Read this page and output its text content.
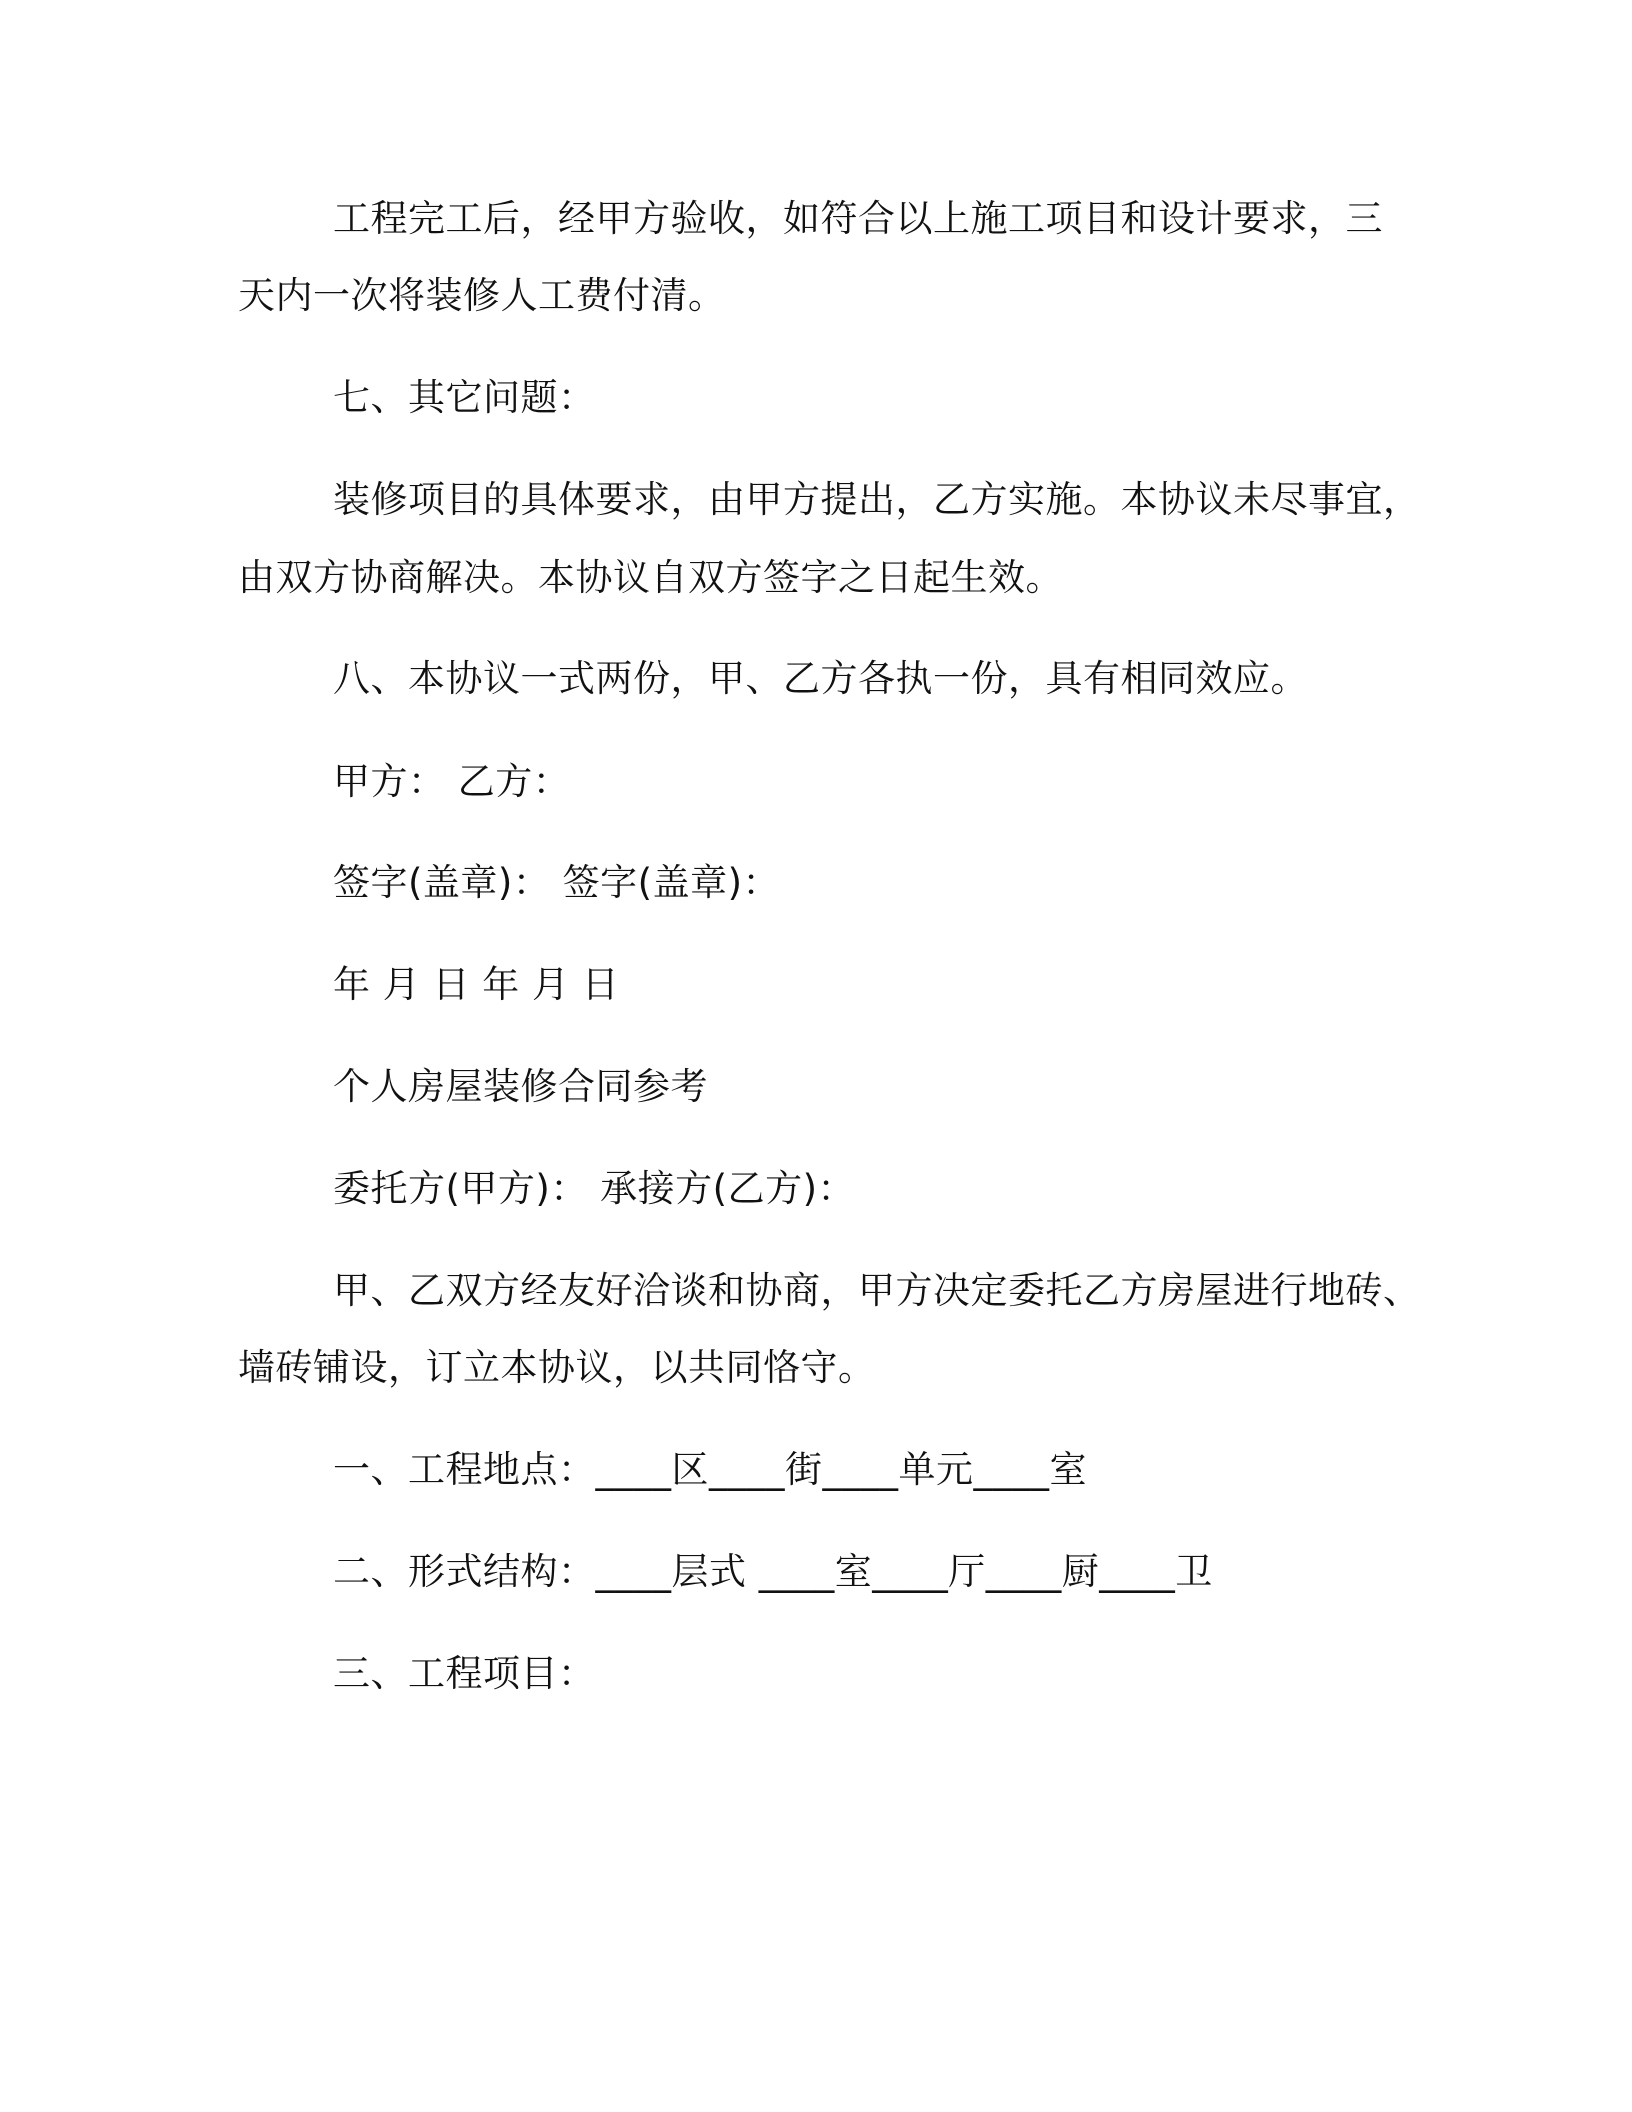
工程完工后，经甲方验收，如符合以上施工项目和设计要求，三
天内一次将装修人工费付清。
七、其它问题：
装修项目的具体要求，由甲方提出，乙方实施。本协议未尽事宜，
由双方协商解决。本协议自双方签字之日起生效。
八、本协议一式两份，甲、乙方各执一份，具有相同效应。
甲方： 乙方：
签字(盖章)： 签字(盖章)：
年 月 日 年 月 日
个人房屋装修合同参考
委托方(甲方)： 承接方(乙方)：
甲、乙双方经友好洽谈和协商，甲方决定委托乙方房屋进行地砖、
墙砖铺设，订立本协议，以共同恪守。
一、工程地点：____区____街____单元____室
二、形式结构：____层式 ____室____厅____厨____卫
三、工程项目：
